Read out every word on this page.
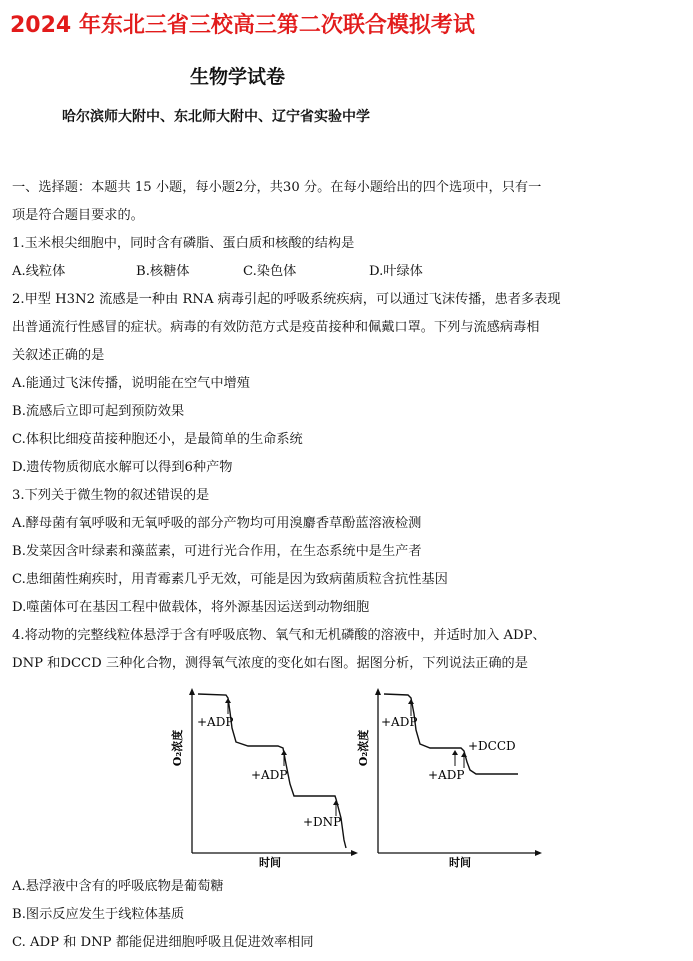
2024 年东北三省三校高三第二次联合模拟考试
生物学试卷
哈尔滨师大附中、东北师大附中、辽宁省实验中学
一、选择题：本题共 15 小题，每小题2分，共30 分。在每小题给出的四个选项中，只有一
项是符合题目要求的。
1.玉米根尖细胞中，同时含有磷脂、蛋白质和核酸的结构是
A.线粒体	B.核糖体	C.染色体	D.叶绿体
2.甲型 H3N2 流感是一种由 RNA 病毒引起的呼吸系统疾病，可以通过飞沫传播，患者多表现
出普通流行性感冒的症状。病毒的有效防范方式是疫苗接种和佩戴口罩。下列与流感病毒相
关叙述正确的是
A.能通过飞沫传播，说明能在空气中增殖
B.流感后立即可起到预防效果
C.体积比细疫苗接种胞还小，是最简单的生命系统
D.遗传物质彻底水解可以得到6种产物
3.下列关于微生物的叙述错误的是
A.酵母菌有氧呼吸和无氧呼吸的部分产物均可用溴麝香草酚蓝溶液检测
B.发菜因含叶绿素和藻蓝素，可进行光合作用，在生态系统中是生产者
C.患细菌性痢疾时，用青霉素几乎无效，可能是因为致病菌质粒含抗性基因
D.噬菌体可在基因工程中做载体，将外源基因运送到动物细胞
4.将动物的完整线粒体悬浮于含有呼吸底物、氧气和无机磷酸的溶液中，并适时加入 ADP、
DNP 和DCCD 三种化合物，测得氧气浓度的变化如右图。据图分析，下列说法正确的是
+ADP
+ADP
+DNP
O₂浓度
时间
+ADP
+DCCD
+ADP
O₂浓度
时间
A.悬浮液中含有的呼吸底物是葡萄糖
B.图示反应发生于线粒体基质
C. ADP 和 DNP 都能促进细胞呼吸且促进效率相同
